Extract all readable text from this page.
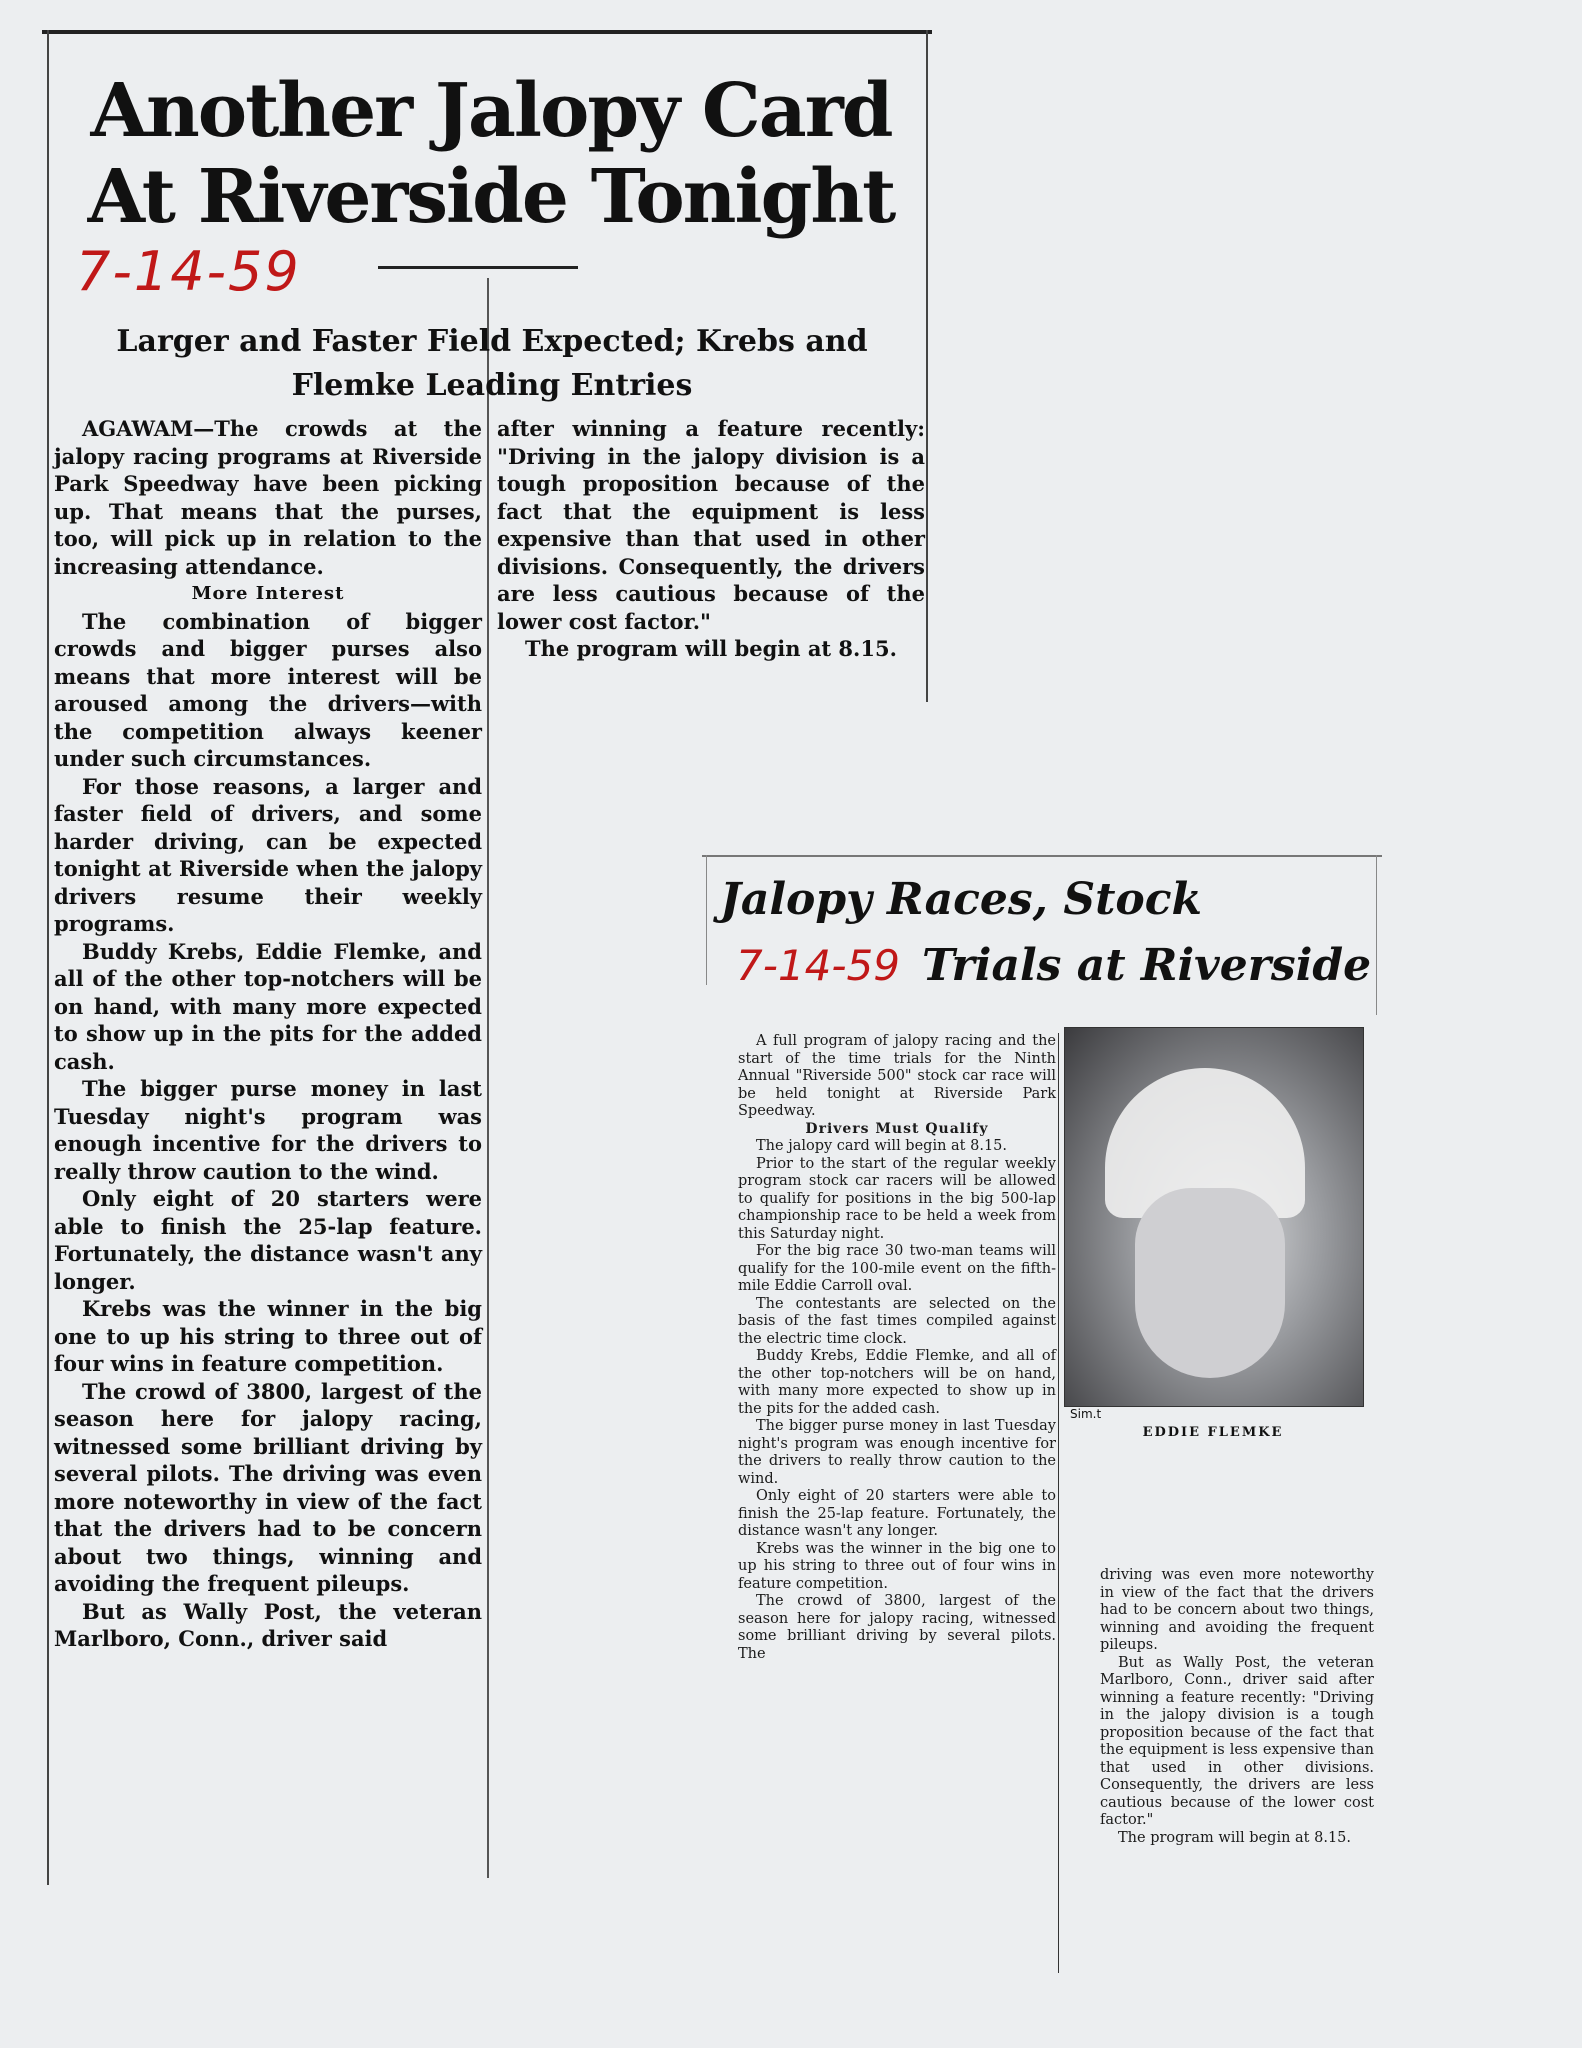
Another Jalopy Card At Riverside Tonight
7-14-59
Larger and Faster Field Expected; Krebs and Flemke Leading Entries

AGAWAM—The crowds at the jalopy racing programs at Riverside Park Speedway have been picking up. That means that the purses, too, will pick up in relation to the increasing attendance.

More Interest

The combination of bigger crowds and bigger purses also means that more interest will be aroused among the drivers—with the competition always keener under such circumstances.

For those reasons, a larger and faster field of drivers, and some harder driving, can be expected tonight at Riverside when the jalopy drivers resume their weekly programs.

Buddy Krebs, Eddie Flemke, and all of the other top-notchers will be on hand, with many more expected to show up in the pits for the added cash.

The bigger purse money in last Tuesday night's program was enough incentive for the drivers to really throw caution to the wind.

Only eight of 20 starters were able to finish the 25-lap feature. Fortunately, the distance wasn't any longer.

Krebs was the winner in the big one to up his string to three out of four wins in feature competition.

The crowd of 3800, largest of the season here for jalopy racing, witnessed some brilliant driving by several pilots. The driving was even more noteworthy in view of the fact that the drivers had to be concern about two things, winning and avoiding the frequent pileups.

But as Wally Post, the veteran Marlboro, Conn., driver said

after winning a feature recently: "Driving in the jalopy division is a tough proposition because of the fact that the equipment is less expensive than that used in other divisions. Consequently, the drivers are less cautious because of the lower cost factor."

The program will begin at 8.15.

Jalopy Races, Stock
7-14-59 Trials at Riverside

A full program of jalopy racing and the start of the time trials for the Ninth Annual "Riverside 500" stock car race will be held tonight at Riverside Park Speedway.

Drivers Must Qualify

The jalopy card will begin at 8.15.

Prior to the start of the regular weekly program stock car racers will be allowed to qualify for positions in the big 500-lap championship race to be held a week from this Saturday night.

For the big race 30 two-man teams will qualify for the 100-mile event on the fifth-mile Eddie Carroll oval.

The contestants are selected on the basis of the fast times compiled against the electric time clock.

Buddy Krebs, Eddie Flemke, and all of the other top-notchers will be on hand, with many more expected to show up in the pits for the added cash.

The bigger purse money in last Tuesday night's program was enough incentive for the drivers to really throw caution to the wind.

Only eight of 20 starters were able to finish the 25-lap feature. Fortunately, the distance wasn't any longer.

Krebs was the winner in the big one to up his string to three out of four wins in feature competition.

The crowd of 3800, largest of the season here for jalopy racing, witnessed some brilliant driving by several pilots. The

Sim.t
EDDIE FLEMKE

driving was even more noteworthy in view of the fact that the drivers had to be concern about two things, winning and avoiding the frequent pileups.

But as Wally Post, the veteran Marlboro, Conn., driver said after winning a feature recently: "Driving in the jalopy division is a tough proposition because of the fact that the equipment is less expensive than that used in other divisions. Consequently, the drivers are less cautious because of the lower cost factor."

The program will begin at 8.15.
